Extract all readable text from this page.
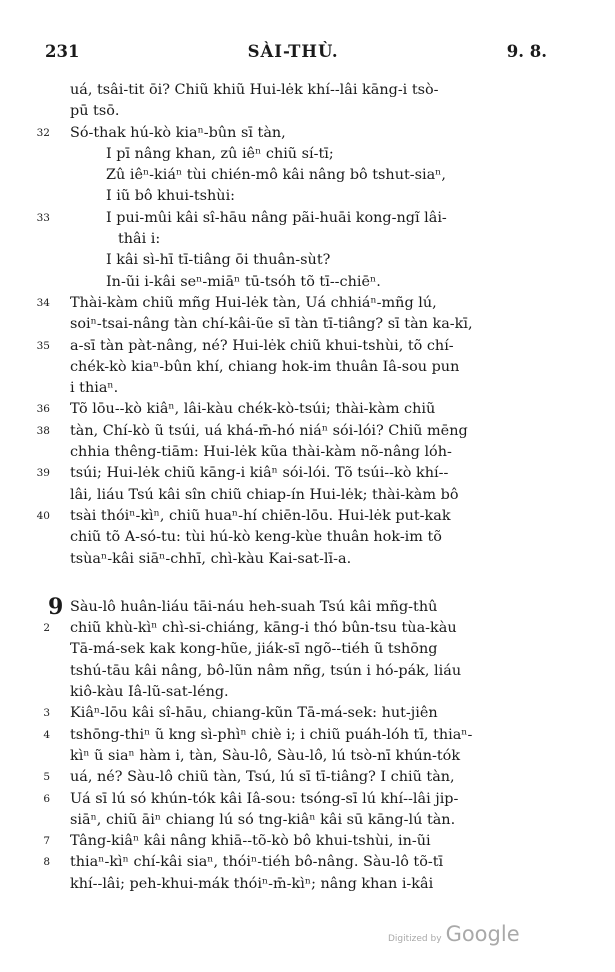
231	SÀI-THÙ.	9. 8.
uá, tsâi-tit ōi? Chiũ khiũ Hui-lėk khí--lâi kāng-i tsò-
pū tsō.
32 Só-thak hú-kò kiaⁿ-bûn sī tàn,
I pī nâng khan, zû iêⁿ chiũ sí-tī;
Zû iêⁿ-kiáⁿ tùi chién-mô kâi nâng bô tshut-siaⁿ,
I iũ bô khui-tshùi:
33	I pui-mûi kâi sî-hāu nâng pãi-huāi kong-ngĩ lâi-
thâi i:
I kâi sì-hī tī-tiâng ōi thuân-sùt?
In-ũi i-kâi seⁿ-miāⁿ tū-tsóh tõ tī--chiēⁿ.
34 Thài-kàm chiũ mñg Hui-lėk tàn, Uá chhiáⁿ-mñg lú,
soiⁿ-tsai-nâng tàn chí-kâi-ũe sī tàn tī-tiâng? sī tàn ka-kī,
35 a-sī tàn pàt-nâng, né? Hui-lėk chiũ khui-tshùi, tõ chí-
chék-kò kiaⁿ-bûn khí, chiang hok-im thuân Iâ-sou pun
i thiaⁿ.
36 Tõ lōu--kò kiâⁿ, lâi-kàu chék-kò-tsúi; thài-kàm chiũ
38 tàn, Chí-kò ũ tsúi, uá khá-m̄-hó niáⁿ sói-lói? Chiũ mēng
chhia thêng-tiām: Hui-lėk kũa thài-kàm nõ-nâng lóh-
39 tsúi; Hui-lėk chiũ kāng-i kiâⁿ sói-lói. Tõ tsúi--kò khí--
lâi, liáu Tsú kâi sîn chiũ chiap-ín Hui-lėk; thài-kàm bô
40 tsài thóiⁿ-kìⁿ, chiũ huaⁿ-hí chiēn-lōu. Hui-lėk put-kak
chiũ tõ A-só-tu: tùi hú-kò keng-kùe thuân hok-im tõ
tsùaⁿ-kâi siāⁿ-chhī, chì-kàu Kai-sat-lī-a.
9 Sàu-lô huân-liáu tāi-náu heh-suah Tsú kâi mñg-thû
2 chiũ khù-kìⁿ chì-si-chiáng, kāng-i thó bûn-tsu tùa-kàu
Tā-má-sek kak kong-hũe, jiák-sī ngõ--tiéh ũ tshōng
tshú-tāu kâi nâng, bô-lũn nâm nñg, tsún i hó-pák, liáu
kiô-kàu Iâ-lũ-sat-léng.
3 Kiâⁿ-lōu kâi sî-hāu, chiang-kũn Tā-má-sek: hut-jiên
4 tshōng-thiⁿ ũ kng sì-phìⁿ chiè i; i chiũ puáh-lóh tī, thiaⁿ-
kìⁿ ũ siaⁿ hàm i, tàn, Sàu-lô, Sàu-lô, lú tsò-nī khún-tók
5 uá, né? Sàu-lô chiũ tàn, Tsú, lú sī tī-tiâng? I chiũ tàn,
6 Uá sī lú só khún-tók kâi Iâ-sou: tsóng-sī lú khí--lâi jip-
siāⁿ, chiũ āiⁿ chiang lú só tng-kiâⁿ kâi sū kāng-lú tàn.
7 Tâng-kiâⁿ kâi nâng khiā--tõ-kò bô khui-tshùi, in-ũi
8 thiaⁿ-kìⁿ chí-kâi siaⁿ, thóiⁿ-tiéh bô-nâng. Sàu-lô tõ-tī
khí--lâi; peh-khui-mák thóiⁿ-m̄-kìⁿ; nâng khan i-kâi
Digitized by Google
